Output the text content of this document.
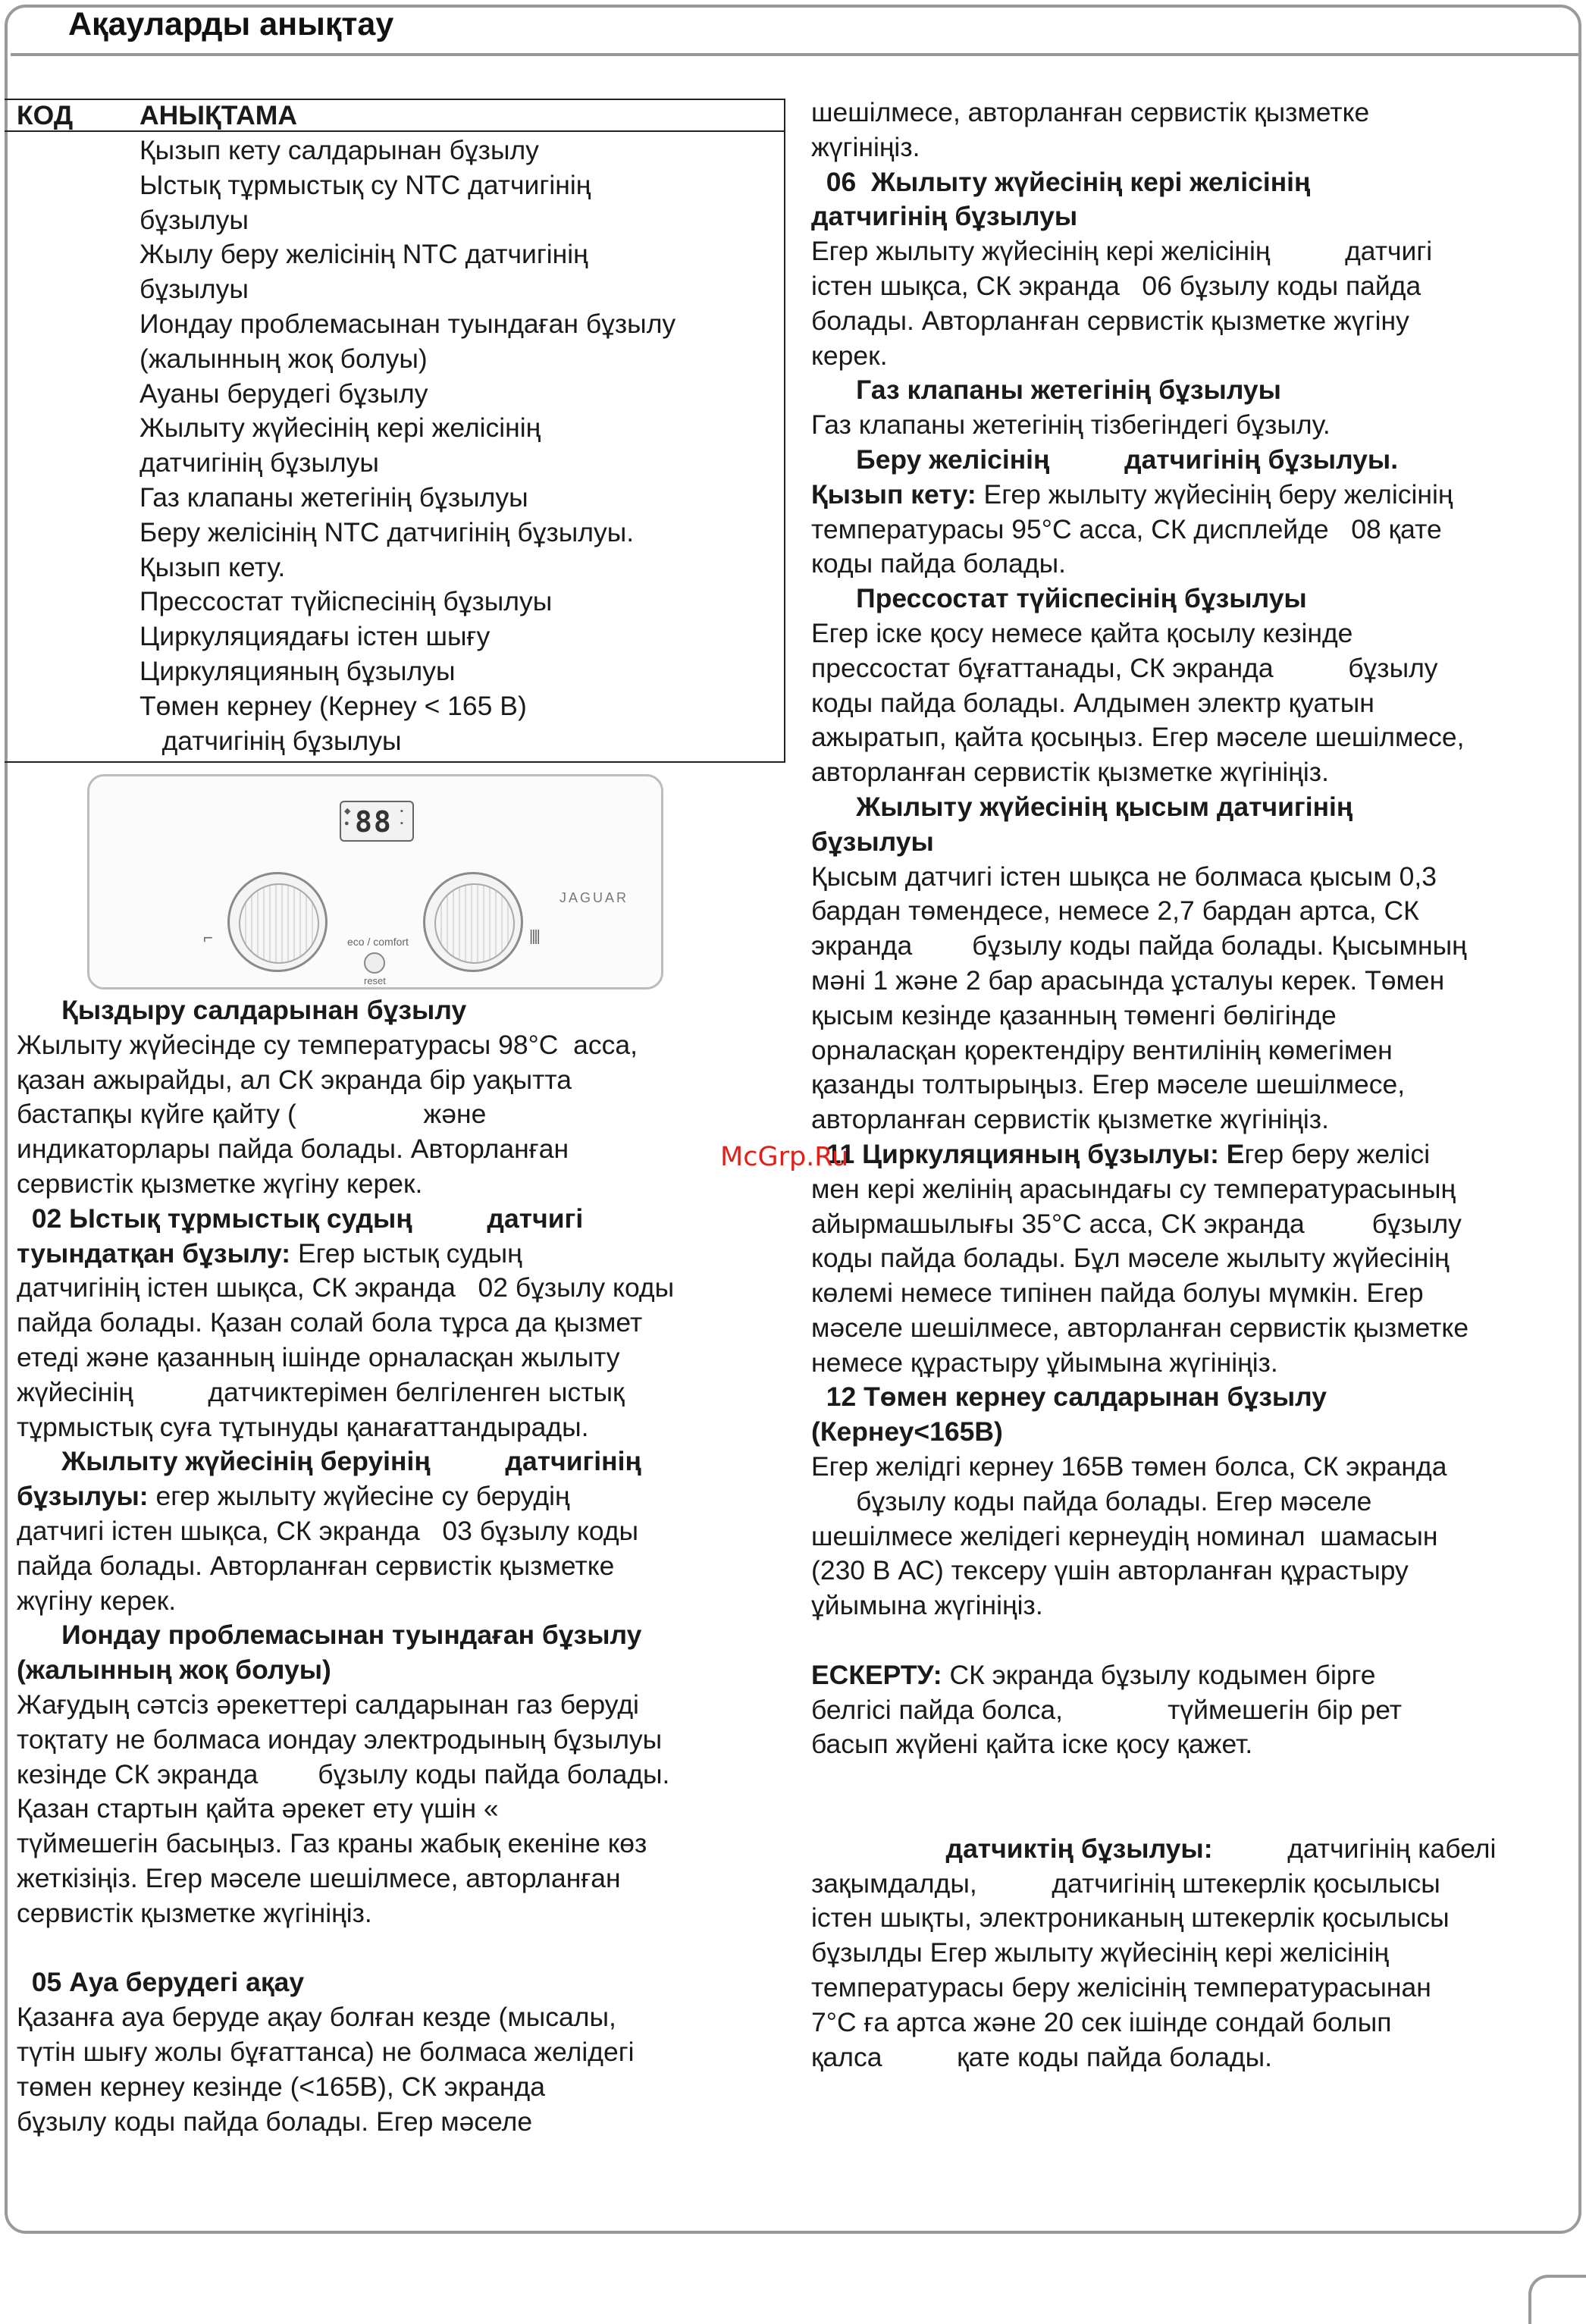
Ақауларды анықтау
КОД АНЫҚТАМА
Қызып кету салдарынан бұзылу
Ыстық тұрмыстық су NTC датчигінің
бұзылуы
Жылу беру желісінің NTC датчигінің
бұзылуы
Иондау проблемасынан туындаған бұзылу
(жалынның жоқ болуы)
Ауаны берудегі бұзылу
Жылыту жүйесінің кері желісінің
датчигінің бұзылуы
Газ клапаны жетегінің бұзылуы
Беру желісінің NTC датчигінің бұзылуы.
Қызып кету.
Прессостат түйіспесінің бұзылуы
Циркуляциядағы істен шығу
Циркуляцияның бұзылуы
Төмен кернеу (Кернеу < 165 В)
датчигінің бұзылуы
◆
● 88 ▪
▪
⌐	||||
JAGUAR
eco / comfort
reset
Қыздыру салдарынан бұзылу
Жылыту жүйесінде су температурасы 98°C  асса,
қазан ажырайды, ал СК экранда бір уақытта
бастапқы күйге қайту (                 және
индикаторлары пайда болады. Авторланған
сервистік қызметке жүгіну керек.
02 Ыстық тұрмыстық судың          датчигі
туындатқан бұзылу: Егер ыстық судың
датчигінің істен шықса, СК экранда   02 бұзылу коды
пайда болады. Қазан солай бола тұрса да қызмет
етеді және қазанның ішінде орналасқан жылыту
жүйесінің          датчиктерімен белгіленген ыстық
тұрмыстық суға тұтынуды қанағаттандырады.
Жылыту жүйесінің беруінің          датчигінің
бұзылуы: егер жылыту жүйесіне су берудің
датчигі істен шықса, СК экранда   03 бұзылу коды
пайда болады. Авторланған сервистік қызметке
жүгіну керек.
Иондау проблемасынан туындаған бұзылу
(жалынның жоқ болуы)
Жағудың сәтсіз әрекеттері салдарынан газ беруді
тоқтату не болмаса иондау электродының бұзылуы
кезінде СК экранда        бұзылу коды пайда болады.
Қазан стартын қайта әрекет ету үшін «
түймешегін басыңыз. Газ краны жабық екеніне көз
жеткізіңіз. Егер мәселе шешілмесе, авторланған
сервистік қызметке жүгініңіз.
05 Ауа берудегі ақау
Қазанға ауа беруде ақау болған кезде (мысалы,
түтін шығу жолы бұғаттанса) не болмаса желідегі
төмен кернеу кезінде (<165В), СК экранда
бұзылу коды пайда болады. Егер мәселе
шешілмесе, авторланған сервистік қызметке
жүгініңіз.
06  Жылыту жүйесінің кері желісінің
датчигінің бұзылуы
Егер жылыту жүйесінің кері желісінің          датчигі
істен шықса, СК экранда   06 бұзылу коды пайда
болады. Авторланған сервистік қызметке жүгіну
керек.
Газ клапаны жетегінің бұзылуы
Газ клапаны жетегінің тізбегіндегі бұзылу.
Беру желісінің          датчигінің бұзылуы.
Қызып кету: Егер жылыту жүйесінің беру желісінің
температурасы 95°C асса, СК дисплейде   08 қате
коды пайда болады.
Прессостат түйіспесінің бұзылуы
Егер іске қосу немесе қайта қосылу кезінде
прессостат бұғаттанады, СК экранда          бұзылу
коды пайда болады. Алдымен электр қуатын
ажыратып, қайта қосыңыз. Егер мәселе шешілмесе,
авторланған сервистік қызметке жүгініңіз.
Жылыту жүйесінің қысым датчигінің
бұзылуы
Қысым датчигі істен шықса не болмаса қысым 0,3
бардан төмендесе, немесе 2,7 бардан артса, СК
экранда        бұзылу коды пайда болады. Қысымның
мәні 1 және 2 бар арасында ұсталуы керек. Төмен
қысым кезінде қазанның төменгі бөлігінде
орналасқан қоректендіру вентилінің көмегімен
қазанды толтырыңыз. Егер мәселе шешілмесе,
авторланған сервистік қызметке жүгініңіз.
11 Циркуляцияның бұзылуы: Егер беру желісі
мен кері желінің арасындағы су температурасының
айырмашылығы 35°C асса, СК экранда         бұзылу
коды пайда болады. Бұл мәселе жылыту жүйесінің
көлемі немесе типінен пайда болуы мүмкін. Егер
мәселе шешілмесе, авторланған сервистік қызметке
немесе құрастыру ұйымына жүгініңіз.
12 Төмен кернеу салдарынан бұзылу
(Кернеу<165В)
Егер желідгі кернеу 165В төмен болса, СК экранда
бұзылу коды пайда болады. Егер мәселе
шешілмесе желідегі кернеудің номинал  шамасын
(230 В АС) тексеру үшін авторланған құрастыру
ұйымына жүгініңіз.
ЕСКЕРТУ: СК экранда бұзылу кодымен бірге
белгісі пайда болса,              түймешегін бір рет
басып жүйені қайта іске қосу қажет.
датчиктің бұзылуы:          датчигінің кабелі
зақымдалды,          датчигінің штекерлік қосылысы
істен шықты, электрониканың штекерлік қосылысы
бұзылды Егер жылыту жүйесінің кері желісінің
температурасы беру желісінің температурасынан
7°C ға артса және 20 сек ішінде сондай болып
қалса          қате коды пайда болады.
McGrp.Ru
